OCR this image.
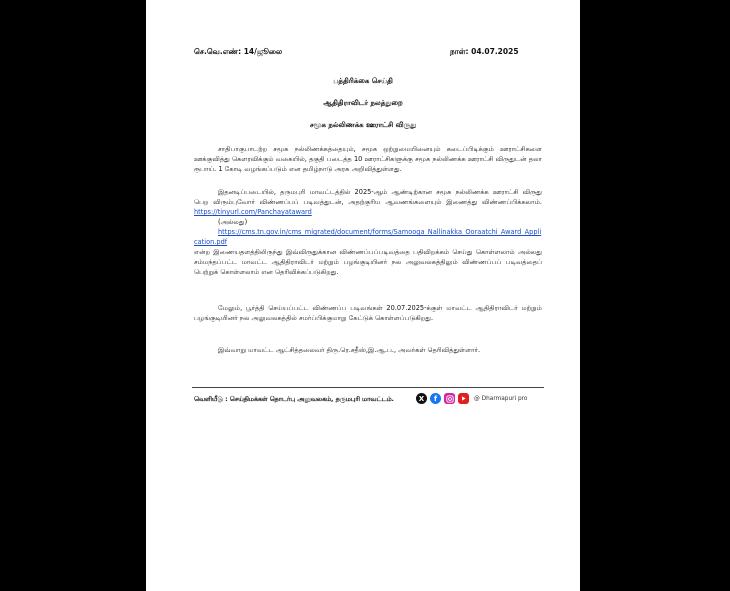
செ.வெ.எண்: 14/ஜூலை	நாள்: 04.07.2025
பத்திரிக்கை செய்தி
ஆதிதிராவிடர் நலத்துறை
சமூக நல்லிணக்க ஊராட்சி விருது

சாதிபாகுபாடற்ற சமூக நல்லிணக்கத்தையும், சமூக ஒற்றுமையினையும் கடைப்பிடிக்கும் ஊராட்சிகளை ஊக்குவித்து கௌரவிக்கும் வகையில், தகுதி படைத்த 10 ஊராட்சிகளுக்கு சமூக நல்லிணக்க ஊராட்சி விருதுடன் தலா ரூபாய். 1 கோடி வழங்கப்படும் என தமிழ்நாடு அரசு அறிவித்துள்ளது.

இதனடிப்படையில், தருமபுரி மாவட்டத்தில் 2025-ஆம் ஆண்டிற்கான சமூக நல்லிணக்க ஊராட்சி விருது பெற விரும்புவோர் விண்ணப்பப் படிவத்துடன், அதற்குரிய ஆவணங்களையும் இணைத்து விண்ணப்பிக்கலாம். https://tinyurl.com/Panchayataward
(அல்லது)
https://cms.tn.gov.in/cms_migrated/document/forms/Samooga_Nallinakka_Ooraatchi_Award_Application.pdf
என்ற இணையதளத்திலிருந்து இவ்விருதுக்கான விண்ணப்பப்படிவத்தை பதிவிறக்கம் செய்து கொள்ளலாம் அல்லது சம்மந்தப்பட்ட மாவட்ட ஆதிதிராவிடர் மற்றும் பழங்குடியினர் நல அலுவலகத்திலும் விண்ணப்பப் படிவத்தைப் பெற்றுக் கொள்ளலாம் என தெரிவிக்கப்படுகிறது.

மேலும், பூர்த்தி செய்யப்பட்ட விண்ணப்ப படிவங்கள் 20.07.2025-க்குள் மாவட்ட ஆதிதிராவிடர் மற்றும் பழங்குடியினர் நல அலுவலகத்தில் சமர்ப்பிக்குமாறு கேட்டுக் கொள்ளப்படுகிறது.

இவ்வாறு மாவட்ட ஆட்சித்தலைவர் திரு.ரெ.சதீஸ்,இ.ஆ.ப., அவர்கள் தெரிவித்துள்ளார்.

வெளியீடு : செய்திமக்கள் தொடர்பு அலுவலகம், தருமபுரி மாவட்டம்.	X	f	@ Dharmapuri pro
